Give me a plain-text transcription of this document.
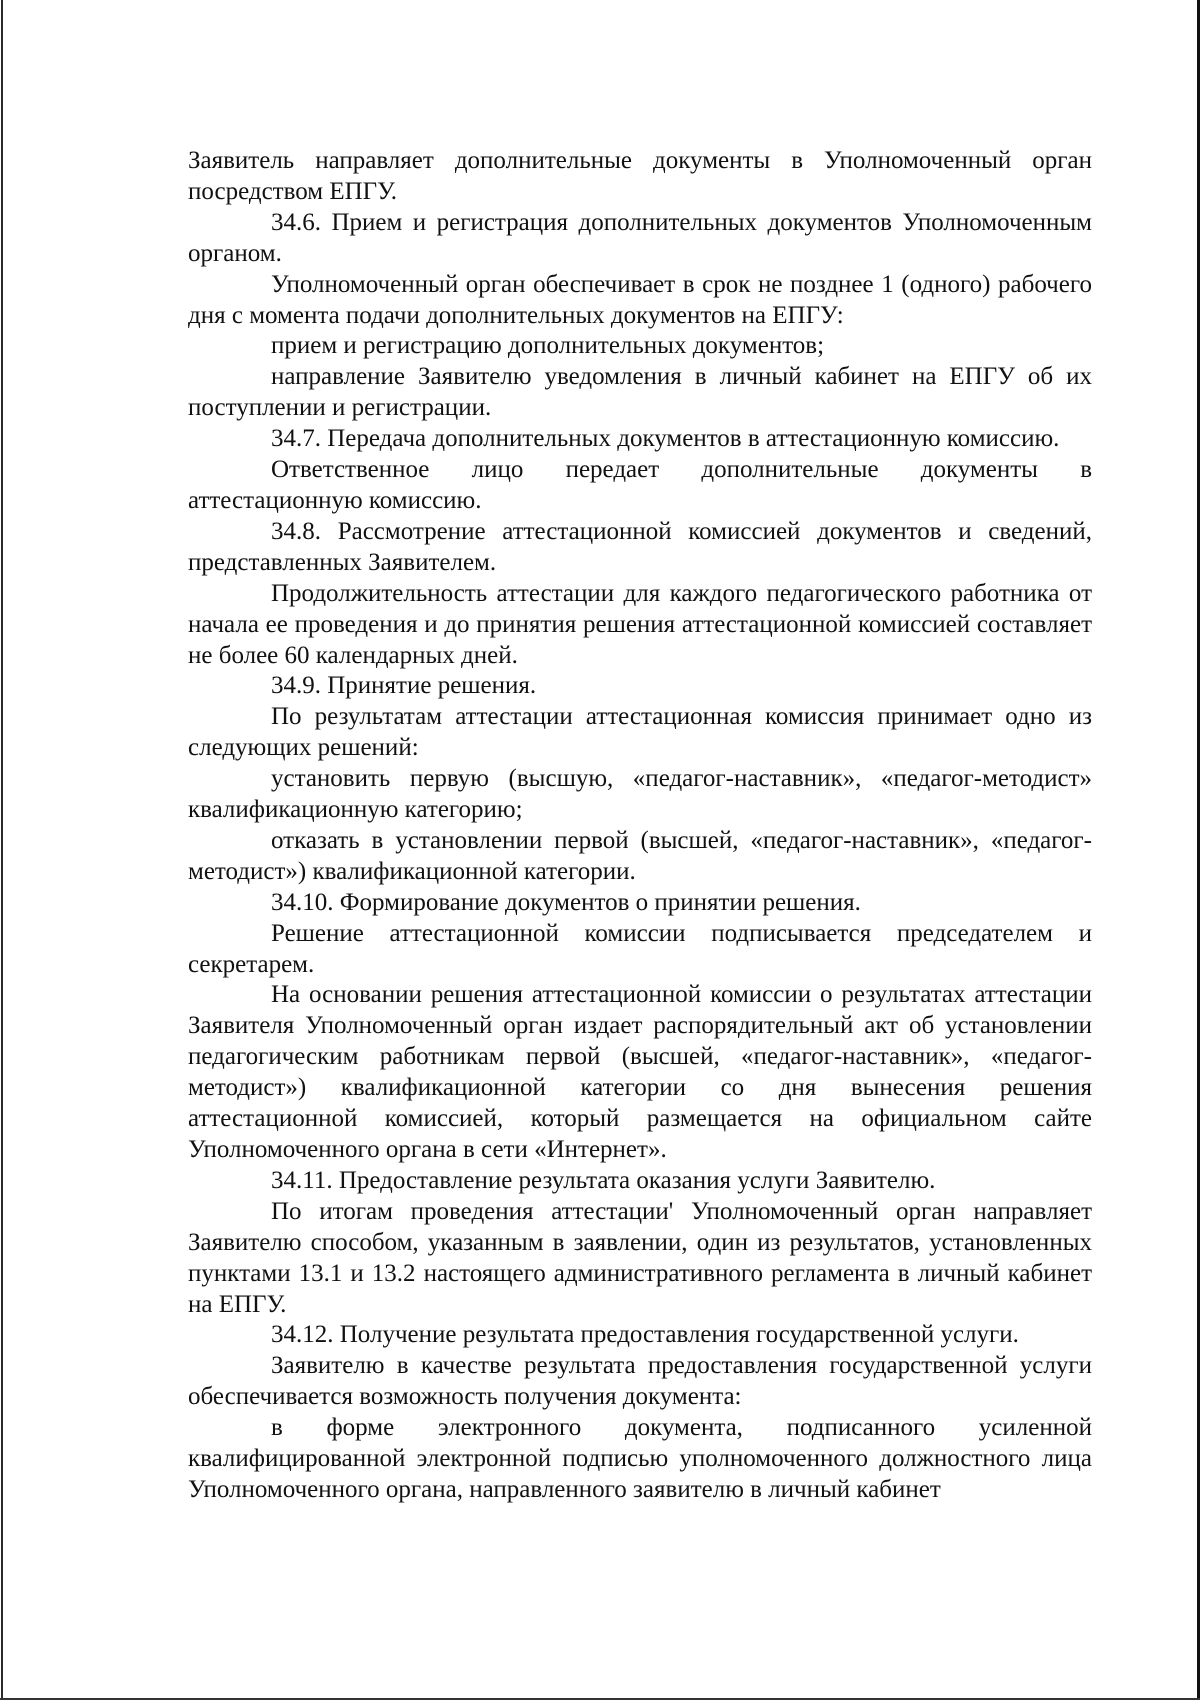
Заявитель направляет дополнительные документы в Уполномоченный орган посредством ЕПГУ.

34.6. Прием и регистрация дополнительных документов Уполномоченным органом.

Уполномоченный орган обеспечивает в срок не позднее 1 (одного) рабочего дня с момента подачи дополнительных документов на ЕПГУ:

прием и регистрацию дополнительных документов;

направление Заявителю уведомления в личный кабинет на ЕПГУ об их поступлении и регистрации.

34.7. Передача дополнительных документов в аттестационную комиссию.

Ответственное лицо передает дополнительные документы в аттестационную комиссию.

34.8. Рассмотрение аттестационной комиссией документов и сведений, представленных Заявителем.

Продолжительность аттестации для каждого педагогического работника от начала ее проведения и до принятия решения аттестационной комиссией составляет не более 60 календарных дней.

34.9. Принятие решения.

По результатам аттестации аттестационная комиссия принимает одно из следующих решений:

установить первую (высшую, «педагог-наставник», «педагог-методист» квалификационную категорию;

отказать в установлении первой (высшей, «педагог-наставник», «педагог-методист») квалификационной категории.

34.10. Формирование документов о принятии решения.

Решение аттестационной комиссии подписывается председателем и секретарем.

На основании решения аттестационной комиссии о результатах аттестации Заявителя Уполномоченный орган издает распорядительный акт об установлении педагогическим работникам первой (высшей, «педагог-наставник», «педагог-методист») квалификационной категории со дня вынесения решения аттестационной комиссией, который размещается на официальном сайте Уполномоченного органа в сети «Интернет».

34.11. Предоставление результата оказания услуги Заявителю.

По итогам проведения аттестации' Уполномоченный орган направляет Заявителю способом, указанным в заявлении, один из результатов, установленных пунктами 13.1 и 13.2 настоящего административного регламента в личный кабинет на ЕПГУ.

34.12. Получение результата предоставления государственной услуги.

Заявителю в качестве результата предоставления государственной услуги обеспечивается возможность получения документа:

в форме электронного документа, подписанного усиленной квалифицированной электронной подписью уполномоченного должностного лица Уполномоченного органа, направленного заявителю в личный кабинет
